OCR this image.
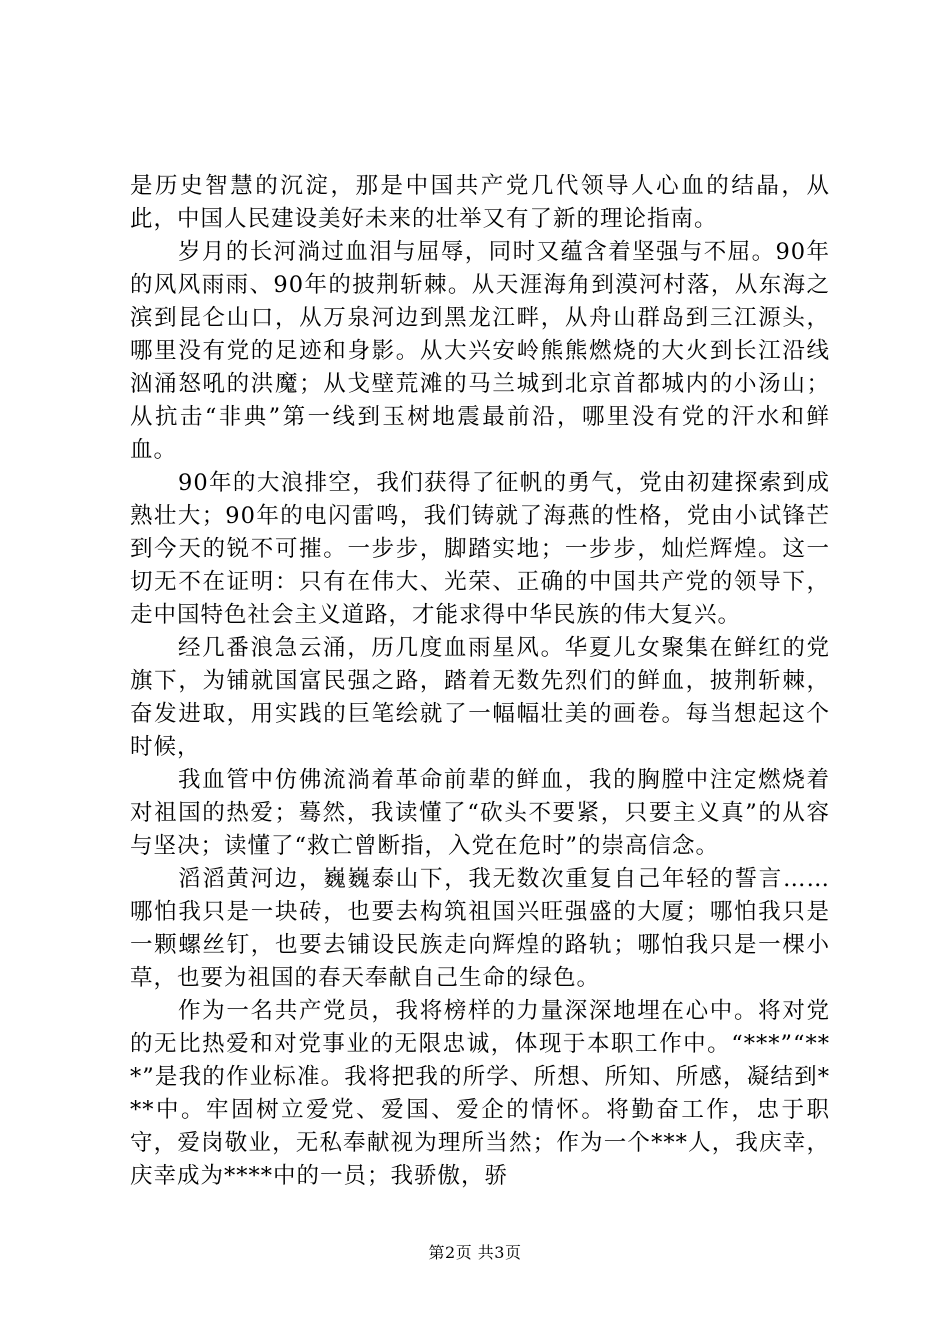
是历史智慧的沉淀，那是中国共产党几代领导人心血的结晶，从此，中国人民建设美好未来的壮举又有了新的理论指南。

岁月的长河淌过血泪与屈辱，同时又蕴含着坚强与不屈。90年的风风雨雨、90年的披荆斩棘。从天涯海角到漠河村落，从东海之滨到昆仑山口，从万泉河边到黑龙江畔，从舟山群岛到三江源头，哪里没有党的足迹和身影。从大兴安岭熊熊燃烧的大火到长江沿线汹涌怒吼的洪魔；从戈壁荒滩的马兰城到北京首都城内的小汤山；从抗击“非典”第一线到玉树地震最前沿，哪里没有党的汗水和鲜血。

90年的大浪排空，我们获得了征帆的勇气，党由初建探索到成熟壮大；90年的电闪雷鸣，我们铸就了海燕的性格，党由小试锋芒到今天的锐不可摧。一步步，脚踏实地；一步步，灿烂辉煌。这一切无不在证明：只有在伟大、光荣、正确的中国共产党的领导下，走中国特色社会主义道路，才能求得中华民族的伟大复兴。

经几番浪急云涌，历几度血雨星风。华夏儿女聚集在鲜红的党旗下，为铺就国富民强之路，踏着无数先烈们的鲜血，披荆斩棘，奋发进取，用实践的巨笔绘就了一幅幅壮美的画卷。每当想起这个时候，

我血管中仿佛流淌着革命前辈的鲜血，我的胸膛中注定燃烧着对祖国的热爱；蓦然，我读懂了“砍头不要紧，只要主义真”的从容与坚决；读懂了“救亡曾断指，入党在危时”的崇高信念。

滔滔黄河边，巍巍泰山下，我无数次重复自己年轻的誓言……哪怕我只是一块砖，也要去构筑祖国兴旺强盛的大厦；哪怕我只是一颗螺丝钉，也要去铺设民族走向辉煌的路轨；哪怕我只是一棵小草，也要为祖国的春天奉献自己生命的绿色。

作为一名共产党员，我将榜样的力量深深地埋在心中。将对党的无比热爱和对党事业的无限忠诚，体现于本职工作中。“***”“***”是我的作业标准。我将把我的所学、所想、所知、所感，凝结到***中。牢固树立爱党、爱国、爱企的情怀。将勤奋工作，忠于职守，爱岗敬业，无私奉献视为理所当然；作为一个***人，我庆幸，庆幸成为****中的一员；我骄傲，骄

第2页 共3页
